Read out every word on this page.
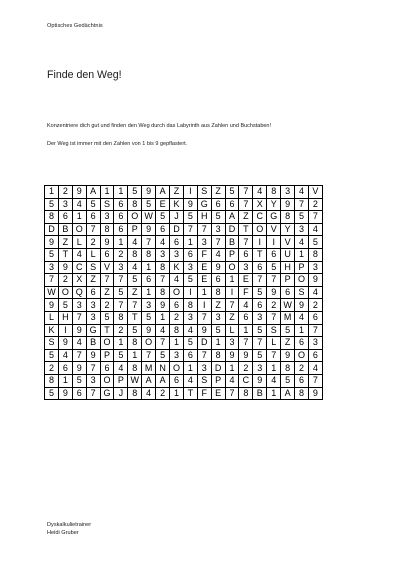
Optisches Gedächtnis
Finde den Weg!
Konzentriere dich gut und finden den Weg durch das Labyrinth aus Zahlen und Buchstaben!
Der Weg ist immer mit den Zahlen von 1 bis 9 gepflastert.
1	2	9	A	1	1	5	9	A	Z	I	S	Z	5	7	4	8	3	4	V
5	3	4	5	S	6	8	5	E	K	9	G	6	6	7	X	Y	9	7	2
8	6	1	6	3	6	O	W	5	J	5	H	5	A	Z	C	G	8	5	7
D	B	O	7	8	6	P	9	6	D	7	7	3	D	T	O	V	Y	3	4
9	Z	L	2	9	1	4	7	4	6	1	3	7	B	7	I	I	V	4	5
5	T	4	L	6	2	8	8	3	3	6	F	4	P	6	T	6	U	1	8
3	9	C	S	V	3	4	1	8	K	3	E	9	O	3	6	5	H	P	3
7	2	X	Z	7	7	5	6	7	4	5	E	6	1	E	7	7	P	O	9
W	O	Q	6	Z	5	Z	1	8	O	I	1	8	I	F	5	9	6	S	4
9	5	3	3	2	7	7	3	9	6	8	I	Z	7	4	6	2	W	9	2
L	H	7	3	5	8	T	5	1	2	3	7	3	Z	6	3	7	M	4	6
K	I	9	G	T	2	5	9	4	8	4	9	5	L	1	5	S	5	1	7
S	9	4	B	O	1	8	O	7	1	5	D	1	3	7	7	L	Z	6	3
5	4	7	9	P	5	1	7	5	3	6	7	8	9	9	5	7	9	O	6
2	6	9	7	6	4	8	M	N	O	1	3	D	1	2	3	1	8	2	4
8	1	5	3	O	P	W	A	A	6	4	S	P	4	C	9	4	5	6	7
5	9	6	7	G	J	8	4	2	1	T	F	E	7	8	B	1	A	8	9
Dyskalkulietrainer
Heidi Gruber
